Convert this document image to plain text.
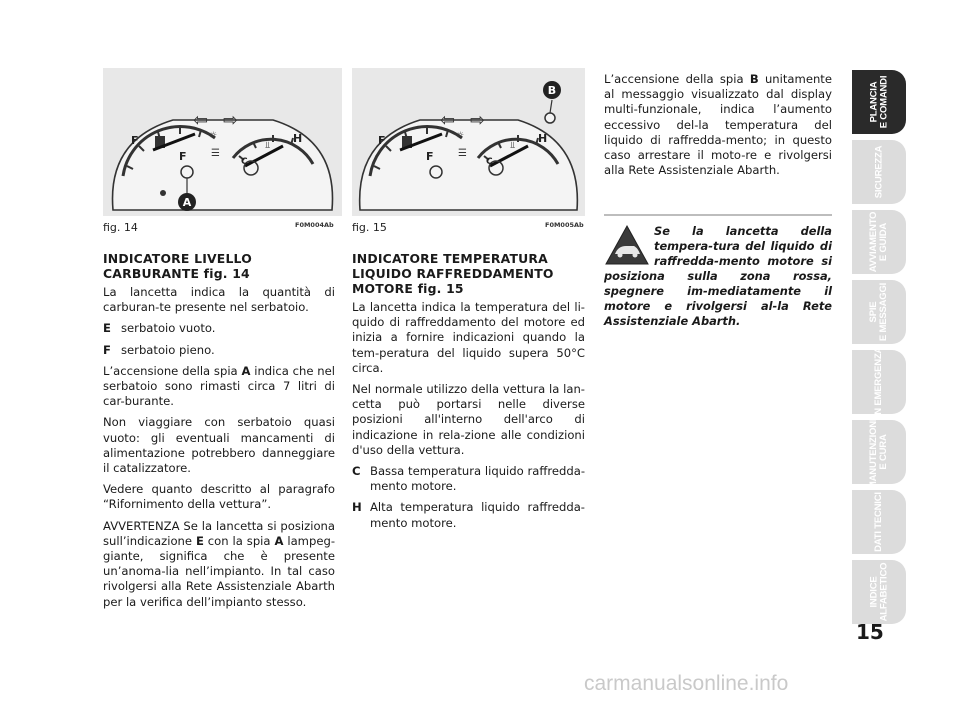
⫫
⇦ ⇨
☼
☰
F
F
H
C
A
fig. 14	F0M004Ab
⫫
⇦ ⇨
☼
☰
F
F
H
C
B
fig. 15	F0M005Ab
INDICATORE LIVELLO
CARBURANTE fig. 14

La lancetta indica la quantità di carburan-te presente nel serbatoio.

E serbatoio vuoto.
F serbatoio pieno.

L’accensione della spia A indica che nel serbatoio sono rimasti circa 7 litri di car-burante.

Non viaggiare con serbatoio quasi vuoto: gli eventuali mancamenti di alimentazione potrebbero danneggiare il catalizzatore.

Vedere quanto descritto al paragrafo “Rifornimento della vettura”.

AVVERTENZA Se la lancetta si posiziona sull’indicazione E con la spia A lampeg-giante, significa che è presente un’anoma-lia nell’impianto. In tal caso rivolgersi alla Rete Assistenziale Abarth per la verifica dell’impianto stesso.

INDICATORE TEMPERATURA
LIQUIDO RAFFREDDAMENTO
MOTORE fig. 15

La lancetta indica la temperatura del li-quido di raffreddamento del motore ed inizia a fornire indicazioni quando la tem-peratura del liquido supera 50°C circa.

Nel normale utilizzo della vettura la lan-cetta può portarsi nelle diverse posizioni all'interno dell'arco di indicazione in rela-zione alle condizioni d'uso della vettura.

C Bassa temperatura liquido raffredda-mento motore.
H Alta temperatura liquido raffredda-mento motore.

L’accensione della spia B unitamente al messaggio visualizzato dal display multi-funzionale, indica l’aumento eccessivo del-la temperatura del liquido di raffredda-mento; in questo caso arrestare il moto-re e rivolgersi alla Rete Assistenziale Abarth.

Se la lancetta della tempera-tura del liquido di raffredda-mento motore si posiziona sulla zona rossa, spegnere im-mediatamente il motore e rivolgersi al-la Rete Assistenziale Abarth.
PLANCIA
E COMANDI
SICUREZZA
AVVIAMENTO
E GUIDA
SPIE
E MESSAGGI
IN EMERGENZA
MANUTENZIONE
E CURA
DATI TECNICI
INDICE
ALFABETICO
15
carmanualsonline.info
